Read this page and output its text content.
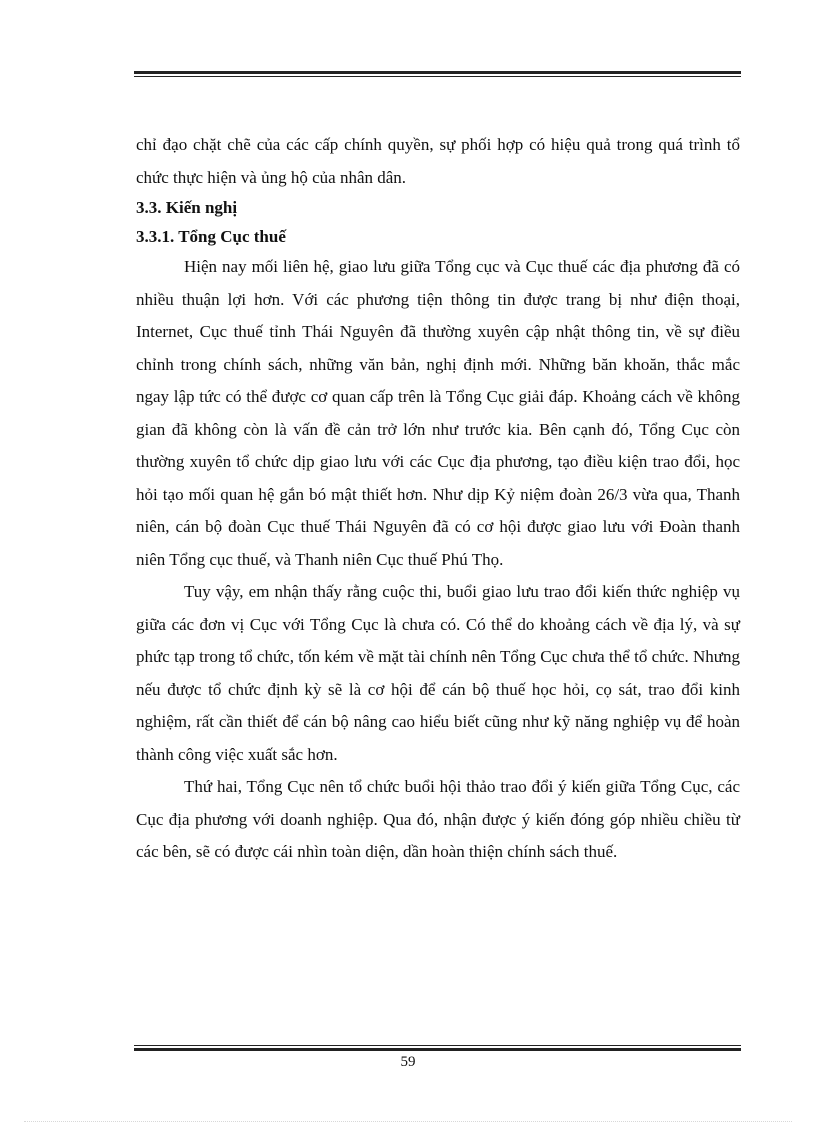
chỉ đạo chặt chẽ của các cấp chính quyền, sự phối hợp có hiệu quả trong quá trình tổ chức thực hiện và ủng hộ của nhân dân.

3.3. Kiến nghị

3.3.1. Tổng Cục thuế

Hiện nay mối liên hệ, giao lưu giữa Tổng cục và Cục thuế các địa phương đã có nhiều thuận lợi hơn. Với các phương tiện thông tin được trang bị như điện thoại, Internet, Cục thuế tỉnh Thái Nguyên đã thường xuyên cập nhật thông tin, về sự điều chỉnh trong chính sách, những văn bản, nghị định mới. Những băn khoăn, thắc mắc ngay lập tức có thể được cơ quan cấp trên là Tổng Cục giải đáp. Khoảng cách về không gian đã không còn là vấn đề cản trở lớn như trước kia. Bên cạnh đó, Tổng Cục còn thường xuyên tổ chức dịp giao lưu với các Cục địa phương, tạo điều kiện trao đổi, học hỏi tạo mối quan hệ gắn bó mật thiết hơn. Như dịp Kỷ niệm đoàn 26/3 vừa qua, Thanh niên, cán bộ đoàn Cục thuế Thái Nguyên đã có cơ hội được giao lưu với Đoàn thanh niên Tổng cục thuế, và Thanh niên Cục thuế Phú Thọ.

Tuy vậy, em nhận thấy rằng cuộc thi, buổi giao lưu trao đổi kiến thức nghiệp vụ giữa các đơn vị Cục với Tổng Cục là chưa có. Có thể do khoảng cách về địa lý, và sự phức tạp trong tổ chức, tốn kém về mặt tài chính nên Tổng Cục chưa thể tổ chức. Nhưng nếu được tổ chức định kỳ sẽ là cơ hội để cán bộ thuế học hỏi, cọ sát, trao đổi kinh nghiệm, rất cần thiết để cán bộ nâng cao hiểu biết cũng như kỹ năng nghiệp vụ để hoàn thành công việc xuất sắc hơn.

Thứ hai, Tổng Cục nên tổ chức buổi hội thảo trao đổi ý kiến giữa Tổng Cục, các Cục địa phương với doanh nghiệp. Qua đó, nhận được ý kiến đóng góp nhiều chiều từ các bên, sẽ có được cái nhìn toàn diện, dần hoàn thiện chính sách thuế.

59
